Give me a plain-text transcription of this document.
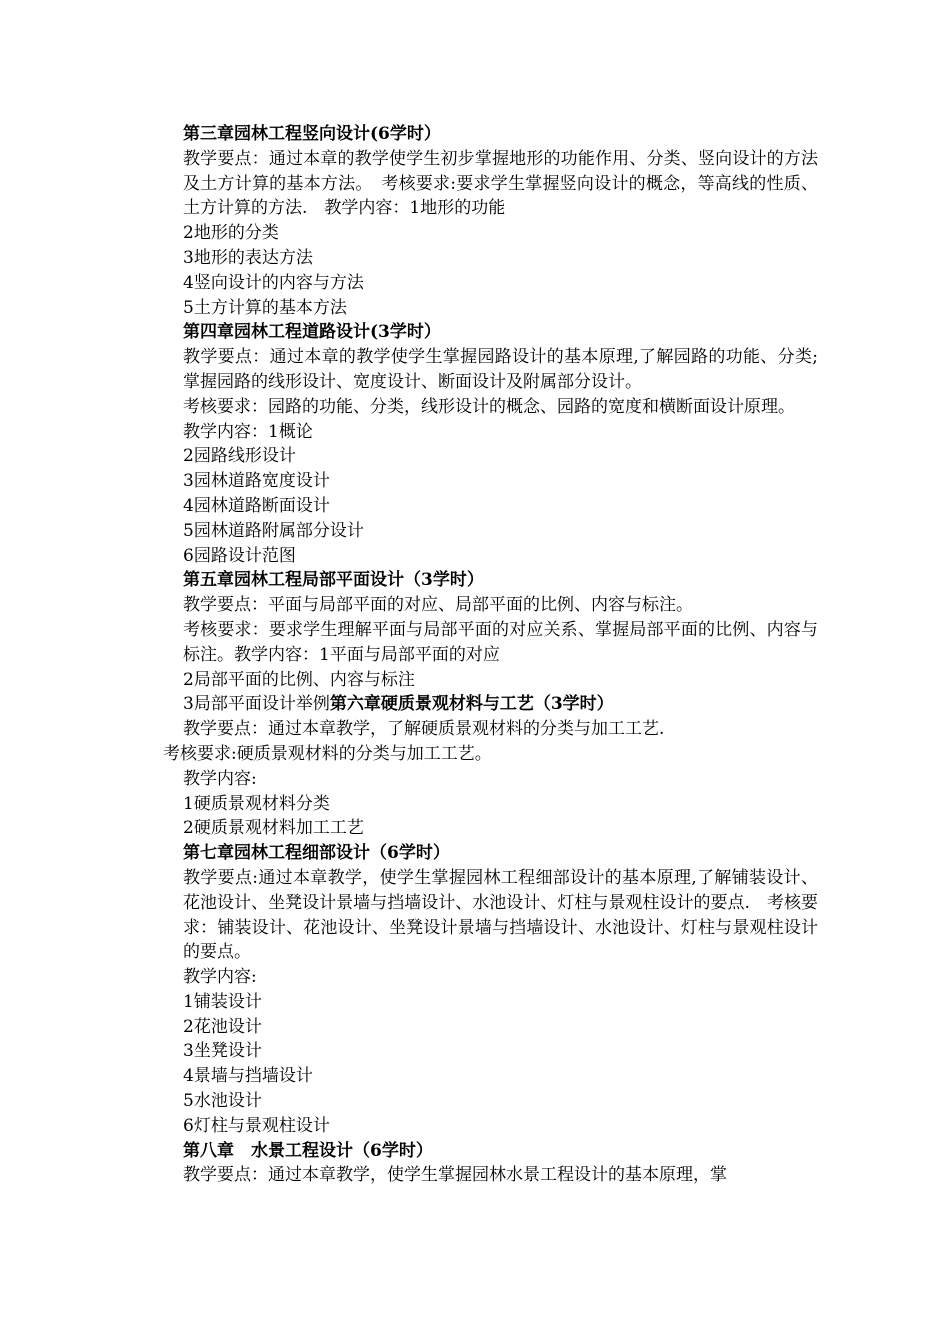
第三章园林工程竖向设计(6学时）
教学要点：通过本章的教学使学生初步掌握地形的功能作用、分类、竖向设计的方法及土方计算的基本方法。　考核要求:要求学生掌握竖向设计的概念，等高线的性质、土方计算的方法.　教学内容：1地形的功能
2地形的分类
3地形的表达方法
4竖向设计的内容与方法
5土方计算的基本方法
第四章园林工程道路设计(3学时）
教学要点：通过本章的教学使学生掌握园路设计的基本原理,了解园路的功能、分类;掌握园路的线形设计、宽度设计、断面设计及附属部分设计。
考核要求：园路的功能、分类，线形设计的概念、园路的宽度和横断面设计原理。
教学内容：1概论
2园路线形设计
3园林道路宽度设计
4园林道路断面设计
5园林道路附属部分设计
6园路设计范图
第五章园林工程局部平面设计（3学时）
教学要点：平面与局部平面的对应、局部平面的比例、内容与标注。
考核要求：要求学生理解平面与局部平面的对应关系、掌握局部平面的比例、内容与标注。教学内容：1平面与局部平面的对应
2局部平面的比例、内容与标注
3局部平面设计举例第六章硬质景观材料与工艺（3学时）
教学要点：通过本章教学，了解硬质景观材料的分类与加工工艺.
考核要求:硬质景观材料的分类与加工工艺。
教学内容:
1硬质景观材料分类
2硬质景观材料加工工艺
第七章园林工程细部设计（6学时）
教学要点:通过本章教学，使学生掌握园林工程细部设计的基本原理,了解铺装设计、花池设计、坐凳设计景墙与挡墙设计、水池设计、灯柱与景观柱设计的要点.　考核要求：铺装设计、花池设计、坐凳设计景墙与挡墙设计、水池设计、灯柱与景观柱设计的要点。
教学内容:
1铺装设计
2花池设计
3坐凳设计
4景墙与挡墙设计
5水池设计
6灯柱与景观柱设计
第八章　水景工程设计（6学时）
教学要点：通过本章教学，使学生掌握园林水景工程设计的基本原理，掌
